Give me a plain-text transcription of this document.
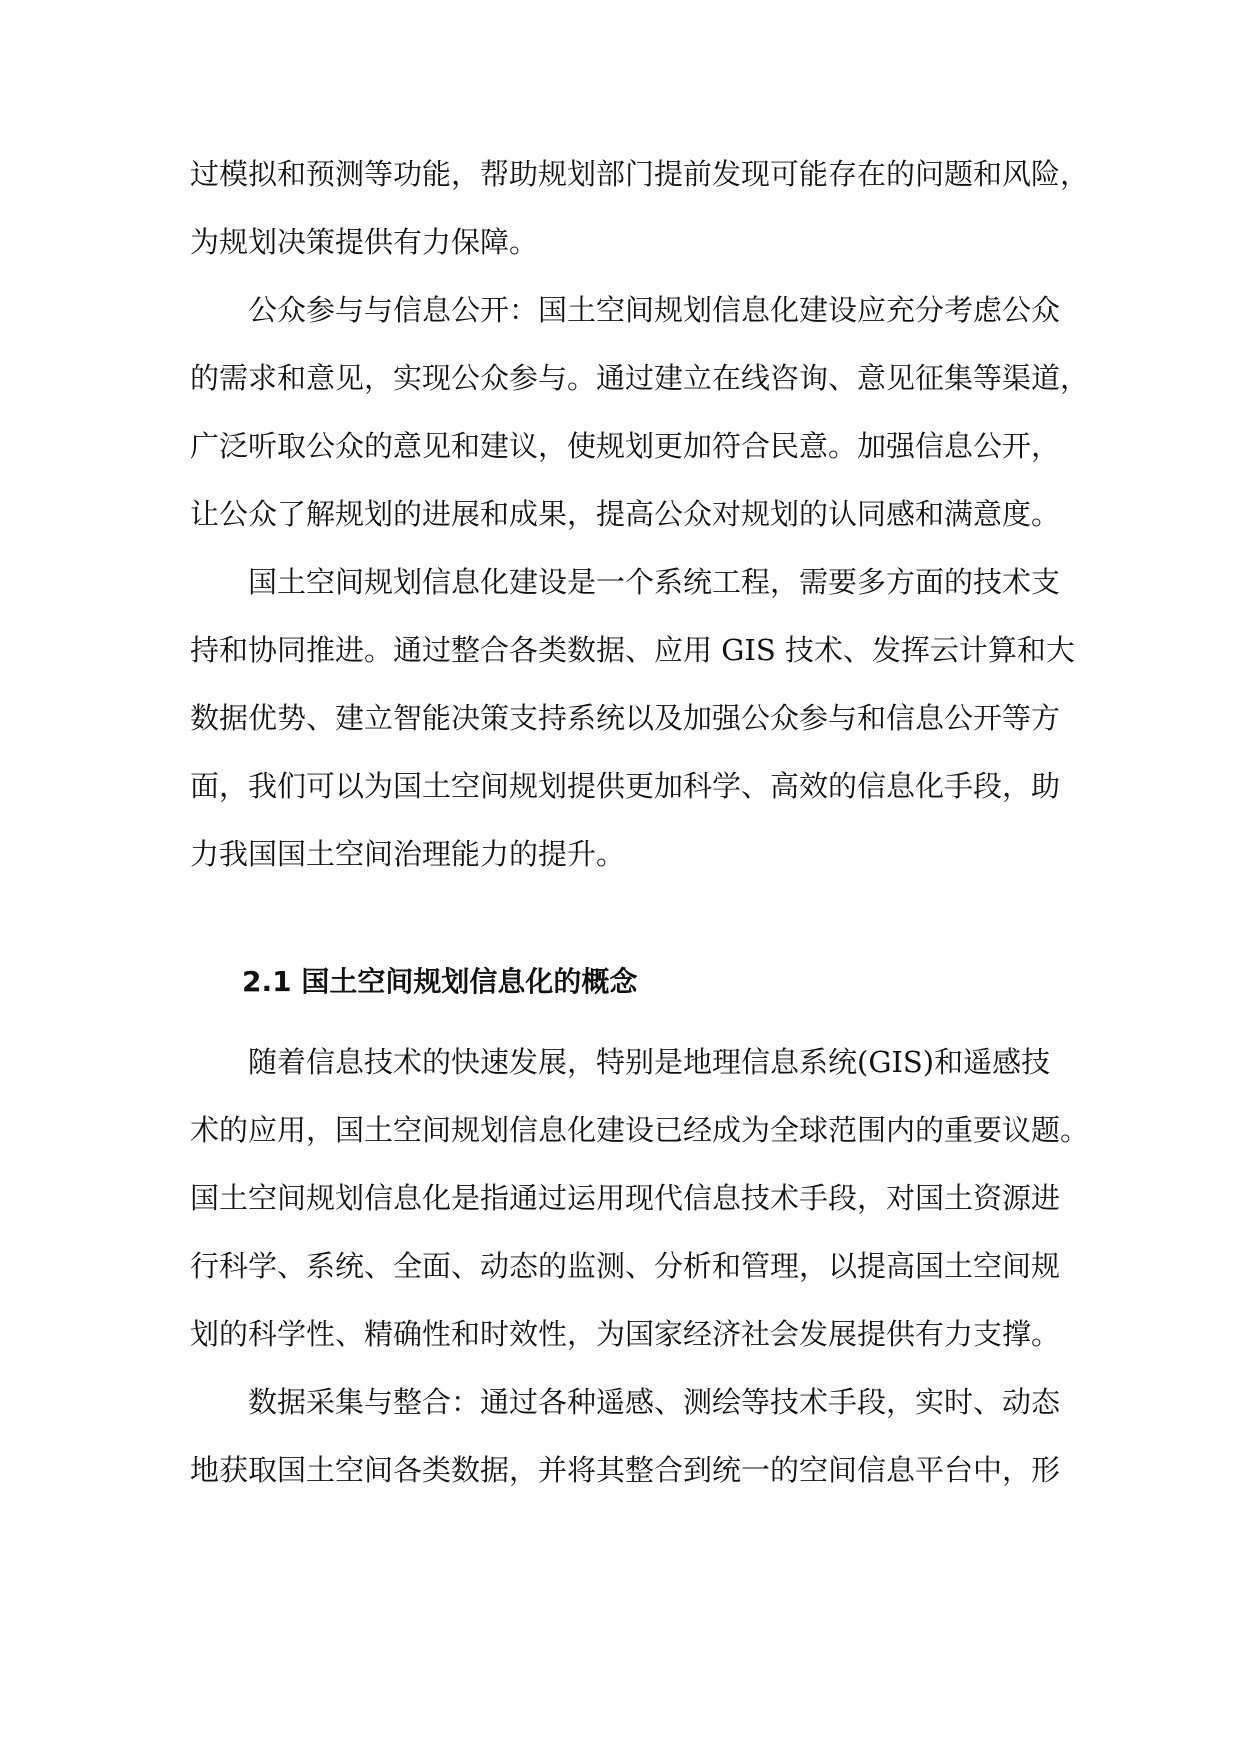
过模拟和预测等功能，帮助规划部门提前发现可能存在的问题和风险，
为规划决策提供有力保障。
公众参与与信息公开：国土空间规划信息化建设应充分考虑公众
的需求和意见，实现公众参与。通过建立在线咨询、意见征集等渠道，
广泛听取公众的意见和建议，使规划更加符合民意。加强信息公开，
让公众了解规划的进展和成果，提高公众对规划的认同感和满意度。
国土空间规划信息化建设是一个系统工程，需要多方面的技术支
持和协同推进。通过整合各类数据、应用 GIS 技术、发挥云计算和大
数据优势、建立智能决策支持系统以及加强公众参与和信息公开等方
面，我们可以为国土空间规划提供更加科学、高效的信息化手段，助
力我国国土空间治理能力的提升。
2.1 国土空间规划信息化的概念
随着信息技术的快速发展，特别是地理信息系统(GIS)和遥感技
术的应用，国土空间规划信息化建设已经成为全球范围内的重要议题。
国土空间规划信息化是指通过运用现代信息技术手段，对国土资源进
行科学、系统、全面、动态的监测、分析和管理，以提高国土空间规
划的科学性、精确性和时效性，为国家经济社会发展提供有力支撑。
数据采集与整合：通过各种遥感、测绘等技术手段，实时、动态
地获取国土空间各类数据，并将其整合到统一的空间信息平台中，形
